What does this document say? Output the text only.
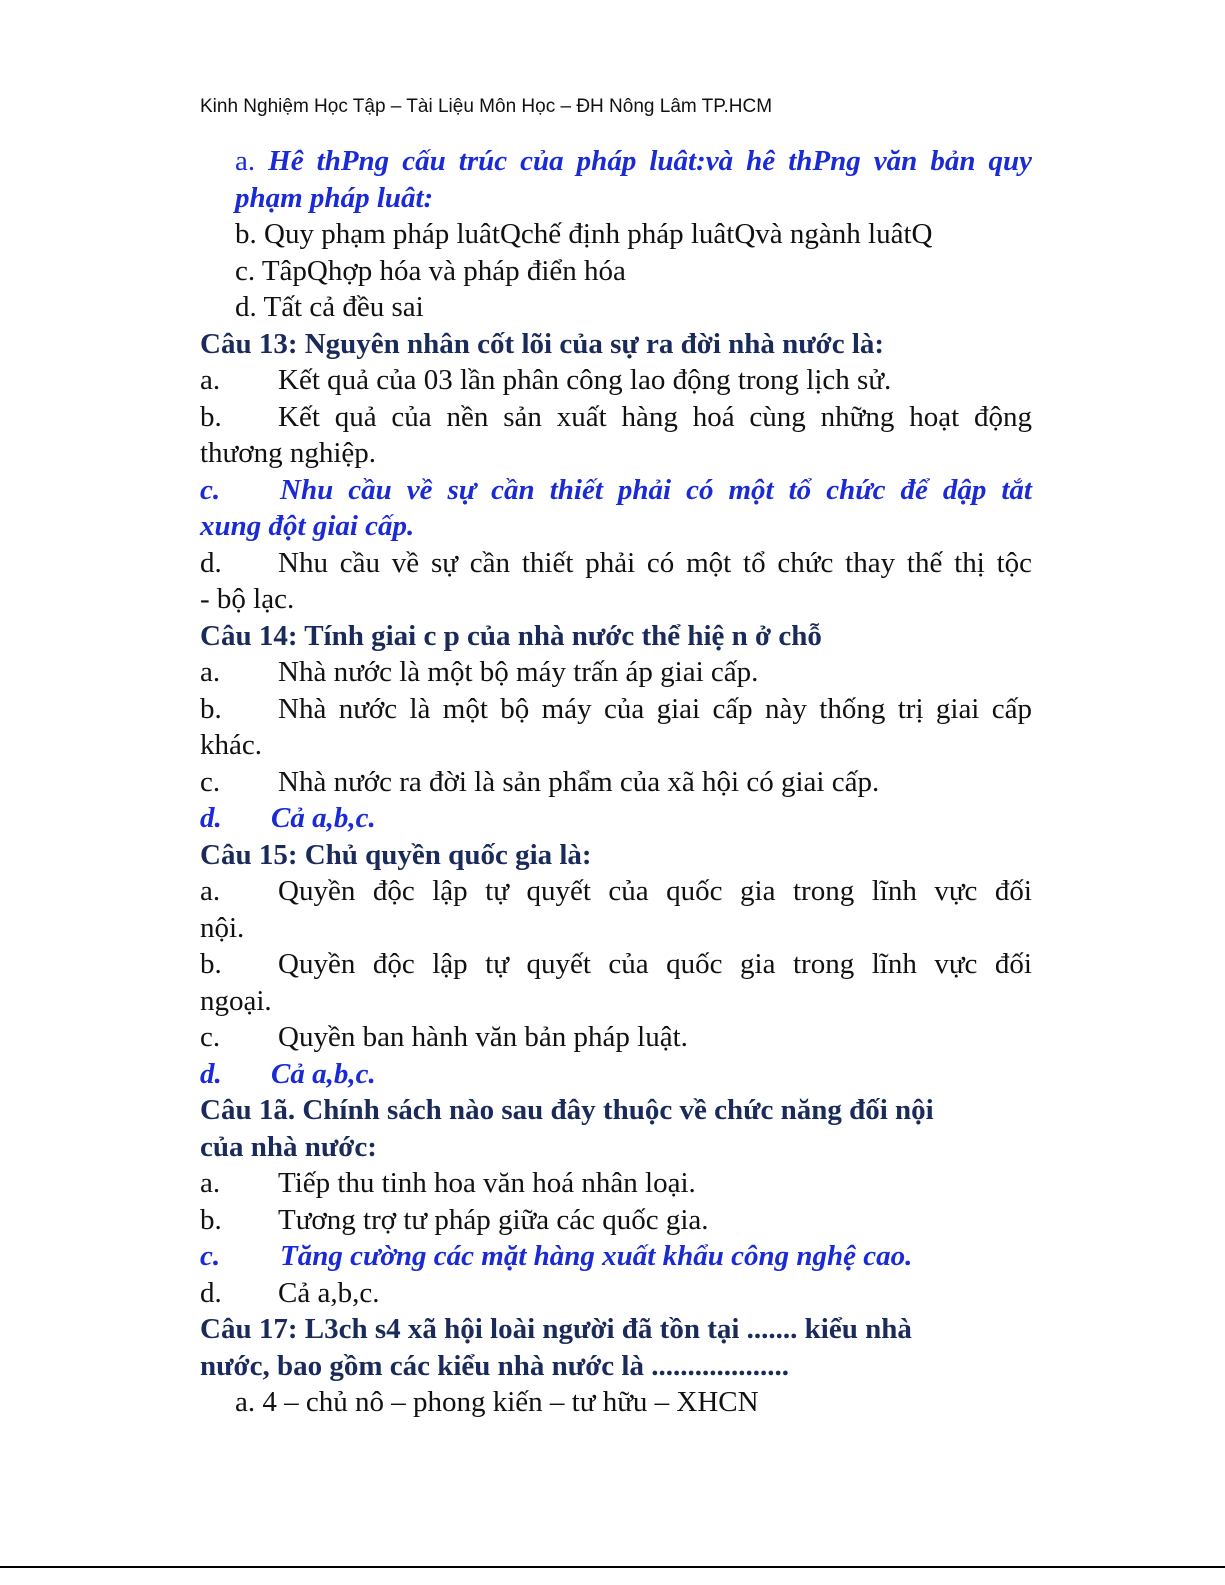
Kinh Nghiệm Học Tập – Tài Liệu Môn Học – ĐH Nông Lâm TP.HCM
a. Hê thPng cấu trúc của pháp luât:và hê thPng văn bản quy
phạm pháp luât:
b. Quy phạm pháp luâtQchế định pháp luâtQvà ngành luâtQ
c. TâpQhợp hóa và pháp điển hóa
d. Tất cả đều sai
Câu 13: Nguyên nhân cốt lõi của sự ra đời nhà nước là:
a. Kết quả của 03 lần phân công lao động trong lịch sử.
b. Kết quả của nền sản xuất hàng hoá cùng những hoạt động
thương nghiệp.
c. Nhu cầu về sự cần thiết phải có một tổ chức để dập tắt
xung đột giai cấp.
d. Nhu cầu về sự cần thiết phải có một tổ chức thay thế thị tộc
- bộ lạc.
Câu 14: Tính giai c p của nhà nước thể hiệ n ở chỗ
a. Nhà nước là một bộ máy trấn áp giai cấp.
b. Nhà nước là một bộ máy của giai cấp này thống trị giai cấp
khác.
c. Nhà nước ra đời là sản phẩm của xã hội có giai cấp.
d. Cả a,b,c.
Câu 15: Chủ quyền quốc gia là:
a. Quyền độc lập tự quyết của quốc gia trong lĩnh vực đối
nội.
b. Quyền độc lập tự quyết của quốc gia trong lĩnh vực đối
ngoại.
c. Quyền ban hành văn bản pháp luật.
d. Cả a,b,c.
Câu 1ã. Chính sách nào sau đây thuộc về chức năng đối nội
của nhà nước:
a. Tiếp thu tinh hoa văn hoá nhân loại.
b. Tương trợ tư pháp giữa các quốc gia.
c. Tăng cường các mặt hàng xuất khẩu công nghệ cao.
d. Cả a,b,c.
Câu 17: L3ch s4 xã hội loài người đã tồn tại ....... kiểu nhà
nước, bao gồm các kiểu nhà nước là ...................
a. 4 – chủ nô – phong kiến – tư hữu – XHCN
